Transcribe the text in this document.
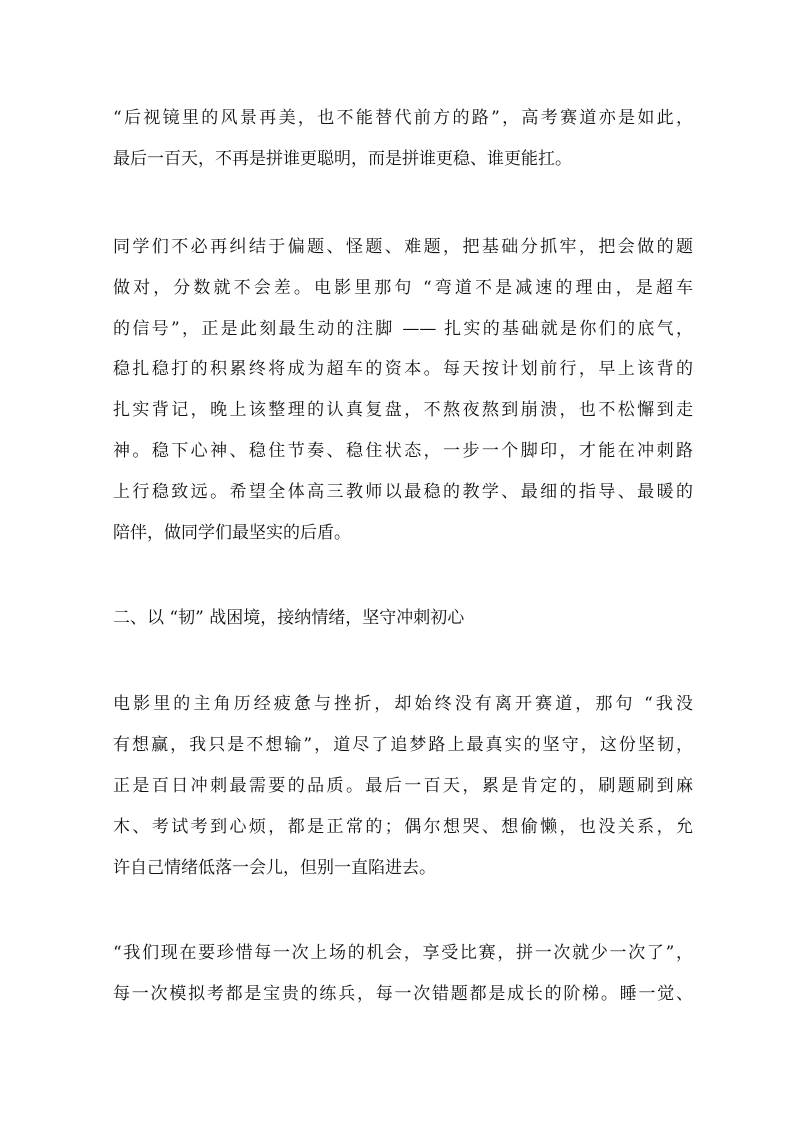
“后视镜里的风景再美，也不能替代前方的路”，高考赛道亦是如此，
最后一百天，不再是拼谁更聪明，而是拼谁更稳、谁更能扛。
同学们不必再纠结于偏题、怪题、难题，把基础分抓牢，把会做的题
做对，分数就不会差。电影里那句 “弯道不是减速的理由，是超车
的信号”，正是此刻最生动的注脚 —— 扎实的基础就是你们的底气，
稳扎稳打的积累终将成为超车的资本。每天按计划前行，早上该背的
扎实背记，晚上该整理的认真复盘，不熬夜熬到崩溃，也不松懈到走
神。稳下心神、稳住节奏、稳住状态，一步一个脚印，才能在冲刺路
上行稳致远。希望全体高三教师以最稳的教学、最细的指导、最暖的
陪伴，做同学们最坚实的后盾。
二、以 “韧” 战困境，接纳情绪，坚守冲刺初心
电影里的主角历经疲惫与挫折，却始终没有离开赛道，那句 “我没
有想赢，我只是不想输”，道尽了追梦路上最真实的坚守，这份坚韧，
正是百日冲刺最需要的品质。最后一百天，累是肯定的，刷题刷到麻
木、考试考到心烦，都是正常的；偶尔想哭、想偷懒，也没关系，允
许自己情绪低落一会儿，但别一直陷进去。
“我们现在要珍惜每一次上场的机会，享受比赛，拼一次就少一次了”，
每一次模拟考都是宝贵的练兵，每一次错题都是成长的阶梯。睡一觉、
